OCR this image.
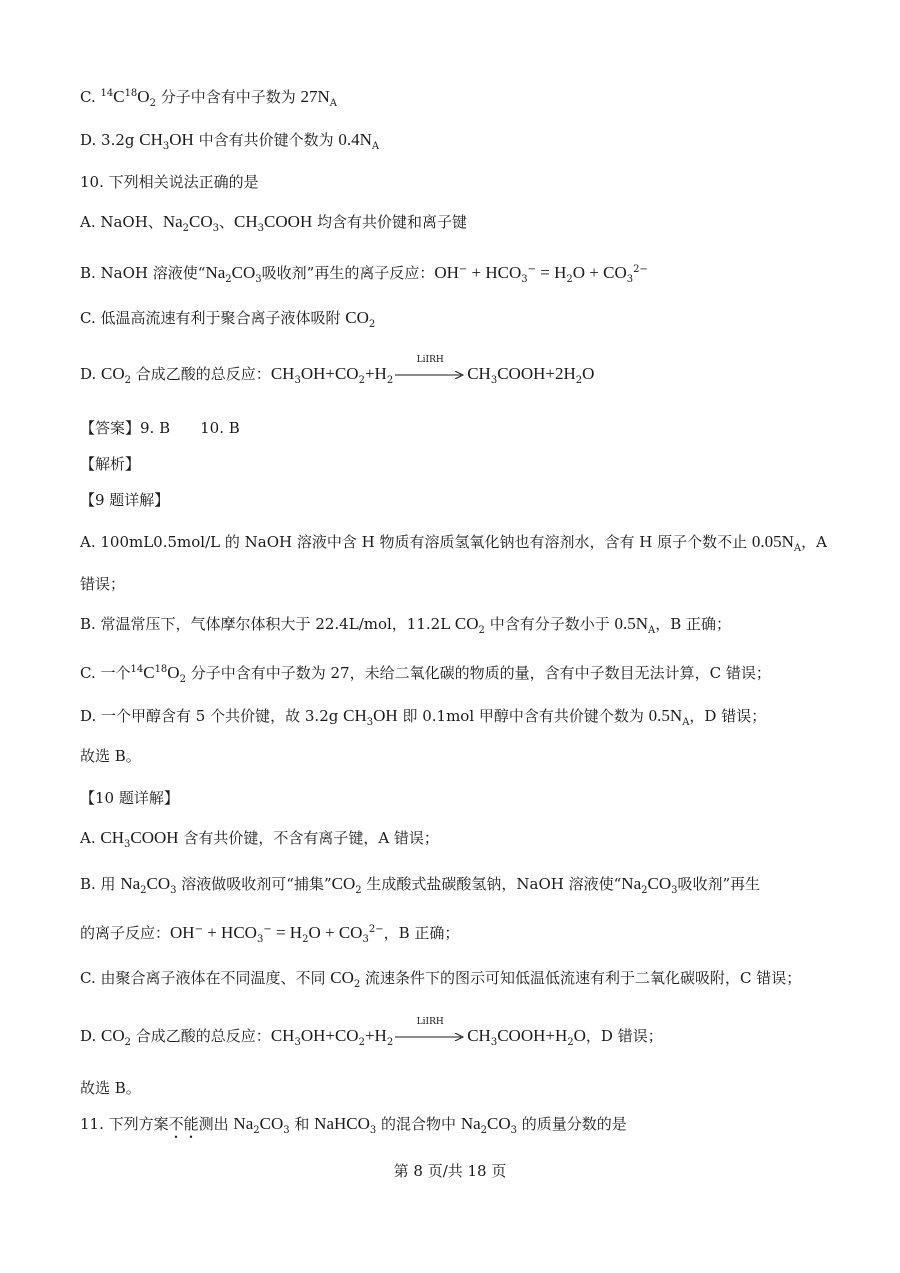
C. $^{14}C^{18}O_2$ 分子中含有中子数为 $27N_A$
D. 3.2g $CH_3OH$ 中含有共价键个数为 $0.4N_A$
10. 下列相关说法正确的是
A. NaOH、$Na_2CO_3$、$CH_3COOH$ 均含有共价键和离子键
B. NaOH 溶液使“$Na_2CO_3$吸收剂”再生的离子反应：$OH^- + HCO_3^- = H_2O + CO_3^{2-}$
C. 低温高流速有利于聚合离子液体吸附 $CO_2$
D. $CO_2$ 合成乙酸的总反应：$CH_3OH+CO_2+H_2$
LiIRH
$CH_3COOH+2H_2O$
【答案】9. B　　10. B
【解析】
【9 题详解】
A. 100mL0.5mol/L 的 NaOH 溶液中含 H 物质有溶质氢氧化钠也有溶剂水，含有 H 原子个数不止 $0.05N_A$，A
错误；
B. 常温常压下，气体摩尔体积大于 22.4L/mol，11.2L $CO_2$ 中含有分子数小于 $0.5N_A$，B 正确；
C. 一个$^{14}C^{18}O_2$ 分子中含有中子数为 27，未给二氧化碳的物质的量，含有中子数目无法计算，C 错误；
D. 一个甲醇含有 5 个共价键，故 3.2g $CH_3OH$ 即 0.1mol 甲醇中含有共价键个数为 $0.5N_A$，D 错误；
故选 B。
【10 题详解】
A. $CH_3COOH$ 含有共价键，不含有离子键，A 错误；
B. 用 $Na_2CO_3$ 溶液做吸收剂可“捕集$”CO_2$ 生成酸式盐碳酸氢钠，NaOH 溶液使“$Na_2CO_3$吸收剂”再生
的离子反应：$OH^- + HCO_3^- = H_2O + CO_3^{2-}$，B 正确；
C. 由聚合离子液体在不同温度、不同 $CO_2$ 流速条件下的图示可知低温低流速有利于二氧化碳吸附，C 错误；
D. $CO_2$ 合成乙酸的总反应：$CH_3OH+CO_2+H_2$
LiIRH
$CH_3COOH+H_2O$，D 错误；
故选 B。
11. 下列方案不能测出 $Na_2CO_3$ 和 NaHCO$_3$ 的混合物中 $Na_2CO_3$ 的质量分数的是
第 8 页/共 18 页
